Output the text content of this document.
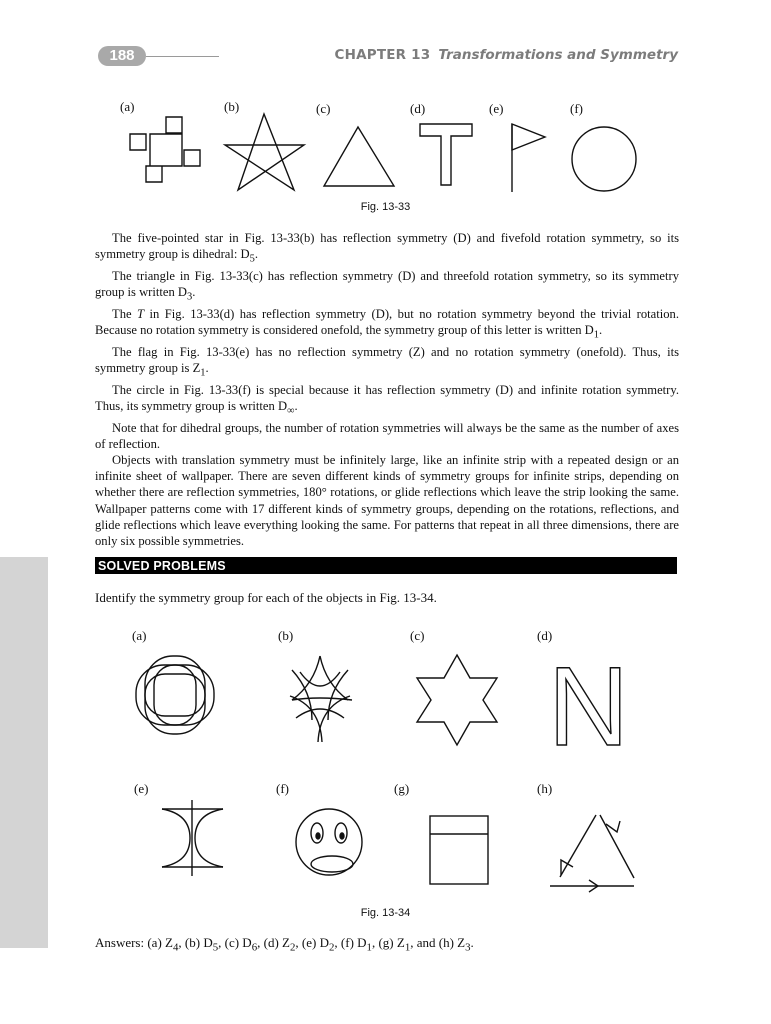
188	CHAPTER 13 Transformations and Symmetry
(a)	(b)	(c)	(d)	(e)	(f)
Fig. 13-33

The five-pointed star in Fig. 13-33(b) has reflection symmetry (D) and fivefold rotation symmetry, so its symmetry group is dihedral: $D_5$.

The triangle in Fig. 13-33(c) has reflection symmetry (D) and threefold rotation symmetry, so its symmetry group is written $D_3$.

The T in Fig. 13-33(d) has reflection symmetry (D), but no rotation symmetry beyond the trivial rotation. Because no rotation symmetry is considered onefold, the symmetry group of this letter is written $D_1$.

The flag in Fig. 13-33(e) has no reflection symmetry (Z) and no rotation symmetry (onefold). Thus, its symmetry group is $Z_1$.

The circle in Fig. 13-33(f) is special because it has reflection symmetry (D) and infinite rotation symmetry. Thus, its symmetry group is written $D_\infty$.

Note that for dihedral groups, the number of rotation symmetries will always be the same as the number of axes of reflection.

Objects with translation symmetry must be infinitely large, like an infinite strip with a repeated design or an infinite sheet of wallpaper. There are seven different kinds of symmetry groups for infinite strips, depending on whether there are reflection symmetries, 180° rotations, or glide reflections which leave the strip looking the same. Wallpaper patterns come with 17 different kinds of symmetry groups, depending on the rotations, reflections, and glide reflections which leave everything looking the same. For patterns that repeat in all three dimensions, there are only six possible symmetries.

SOLVED PROBLEMS
Identify the symmetry group for each of the objects in Fig. 13-34.
(a)	(b)	(c)	(d)
(e)	(f)	(g)	(h)
N
Fig. 13-34
Answers: (a) $Z_4$, (b) $D_5$, (c) $D_6$, (d) $Z_2$, (e) $D_2$, (f) $D_1$, (g) $Z_1$, and (h) $Z_3$.
